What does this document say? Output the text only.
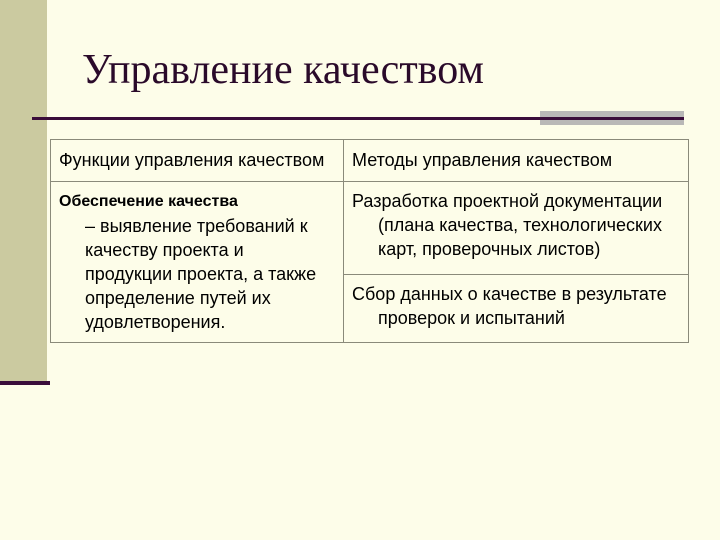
Управление качеством
Функции управления качеством	Методы управления качеством

Обеспечение качества
– выявление требований к качеству проекта и продукции проекта, а также определение путей их удовлетворения.	Разработка проектной документации (плана качества, технологических карт, проверочных листов)

	Сбор данных о качестве в результате проверок и испытаний
